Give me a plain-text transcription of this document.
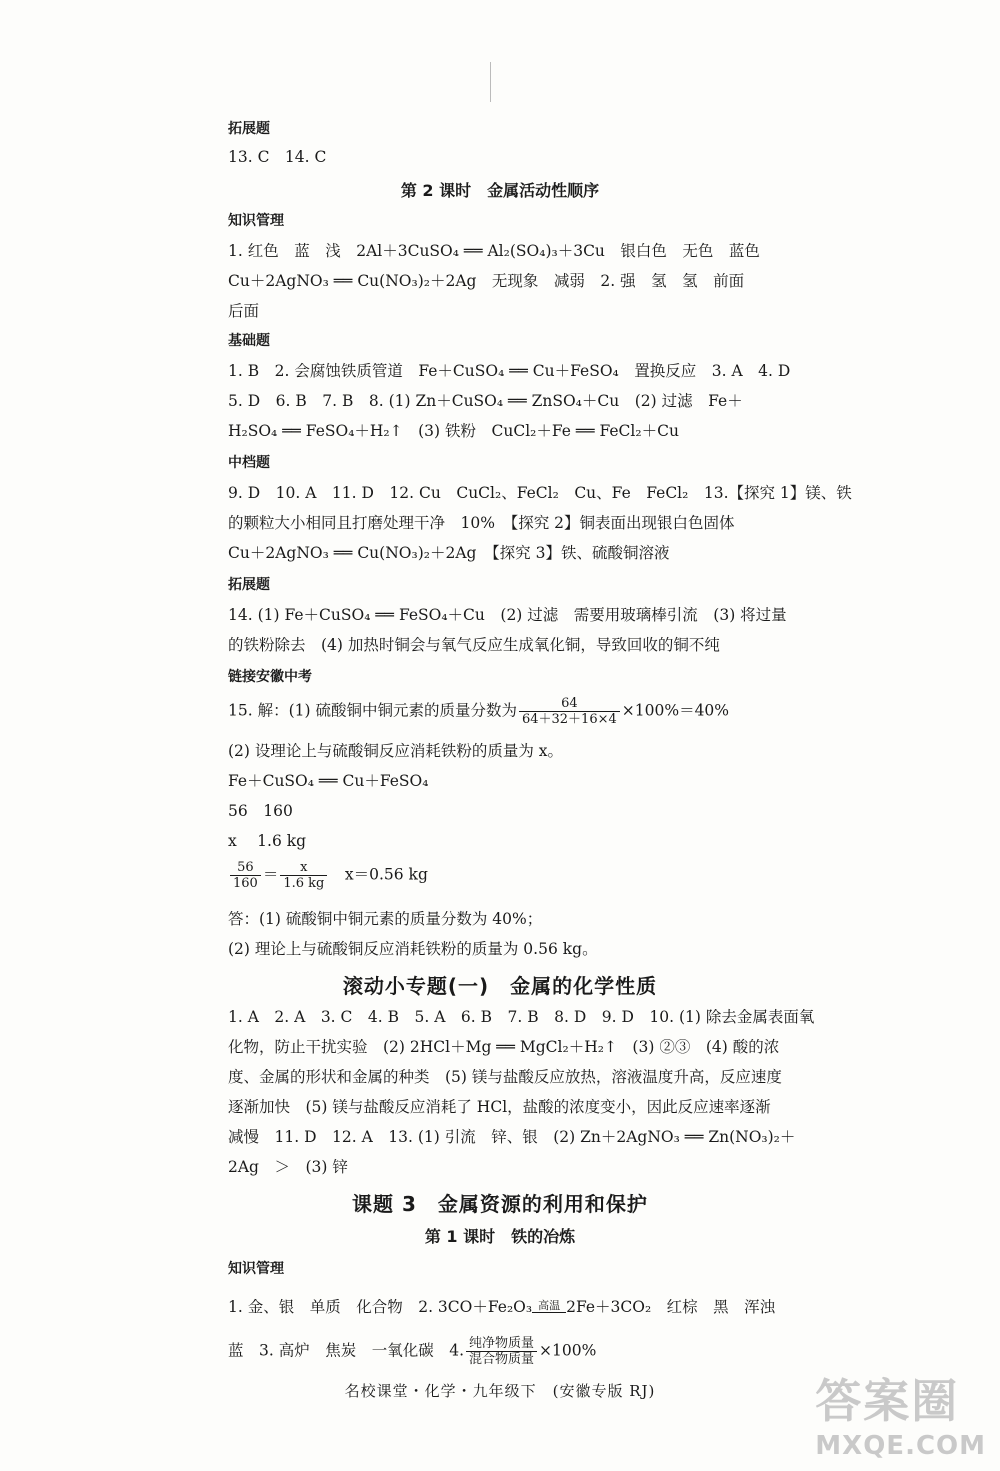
拓展题
13. C　14. C
第 2 课时　金属活动性顺序
知识管理
1. 红色　蓝　浅　2Al＋3CuSO₄ ══ Al₂(SO₄)₃＋3Cu　银白色　无色　蓝色
Cu＋2AgNO₃ ══ Cu(NO₃)₂＋2Ag　无现象　减弱　2. 强　氢　氢　前面
后面
基础题
1. B　2. 会腐蚀铁质管道　Fe＋CuSO₄ ══ Cu＋FeSO₄　置换反应　3. A　4. D
5. D　6. B　7. B　8. (1) Zn＋CuSO₄ ══ ZnSO₄＋Cu　(2) 过滤　Fe＋
H₂SO₄ ══ FeSO₄＋H₂↑　(3) 铁粉　CuCl₂＋Fe ══ FeCl₂＋Cu
中档题
9. D　10. A　11. D　12. Cu　CuCl₂、FeCl₂　Cu、Fe　FeCl₂　13.【探究 1】镁、铁
的颗粒大小相同且打磨处理干净　10%　【探究 2】铜表面出现银白色固体
Cu＋2AgNO₃ ══ Cu(NO₃)₂＋2Ag　【探究 3】铁、硫酸铜溶液
拓展题
14. (1) Fe＋CuSO₄ ══ FeSO₄＋Cu　(2) 过滤　需要用玻璃棒引流　(3) 将过量
的铁粉除去　(4) 加热时铜会与氧气反应生成氧化铜，导致回收的铜不纯
链接安徽中考
15. 解：(1) 硫酸铜中铜元素的质量分数为 $\frac{64}{64+32+16\times 4} \times 100\%=40\%$
(2) 设理论上与硫酸铜反应消耗铁粉的质量为 x。
Fe＋CuSO₄ ══ Cu＋FeSO₄
56　160
x　 1.6 kg
$\frac{56}{160} = \frac{x}{1.6 kg}$
　 x＝0.56 kg
答：(1) 硫酸铜中铜元素的质量分数为 40%；
(2) 理论上与硫酸铜反应消耗铁粉的质量为 0.56 kg。
滚动小专题(一)　金属的化学性质
1. A　2. A　3. C　4. B　5. A　6. B　7. B　8. D　9. D　10. (1) 除去金属表面氧
化物，防止干扰实验　(2) 2HCl＋Mg ══ MgCl₂＋H₂↑　(3) ②③　(4) 酸的浓
度、金属的形状和金属的种类　(5) 镁与盐酸反应放热，溶液温度升高，反应速度
逐渐加快　(5) 镁与盐酸反应消耗了 HCl，盐酸的浓度变小，因此反应速率逐渐
减慢　11. D　12. A　13. (1) 引流　锌、银　(2) Zn＋2AgNO₃ ══ Zn(NO₃)₂＋
2Ag　＞　(3) 锌
课题 3　金属资源的利用和保护
第 1 课时　铁的冶炼
知识管理
1. 金、银　单质　化合物　2. 3CO＋Fe₂O₃ 高温 2Fe＋3CO₂　红棕　黑　浑浊
蓝　3. 高炉　焦炭　一氧化碳　4. $\frac{\text{纯净物质量}}{\text{混合物质量}} \times 100\%$
名校课堂・化学・九年级下　(安徽专版 RJ)	答案圈
MXQE.COM
